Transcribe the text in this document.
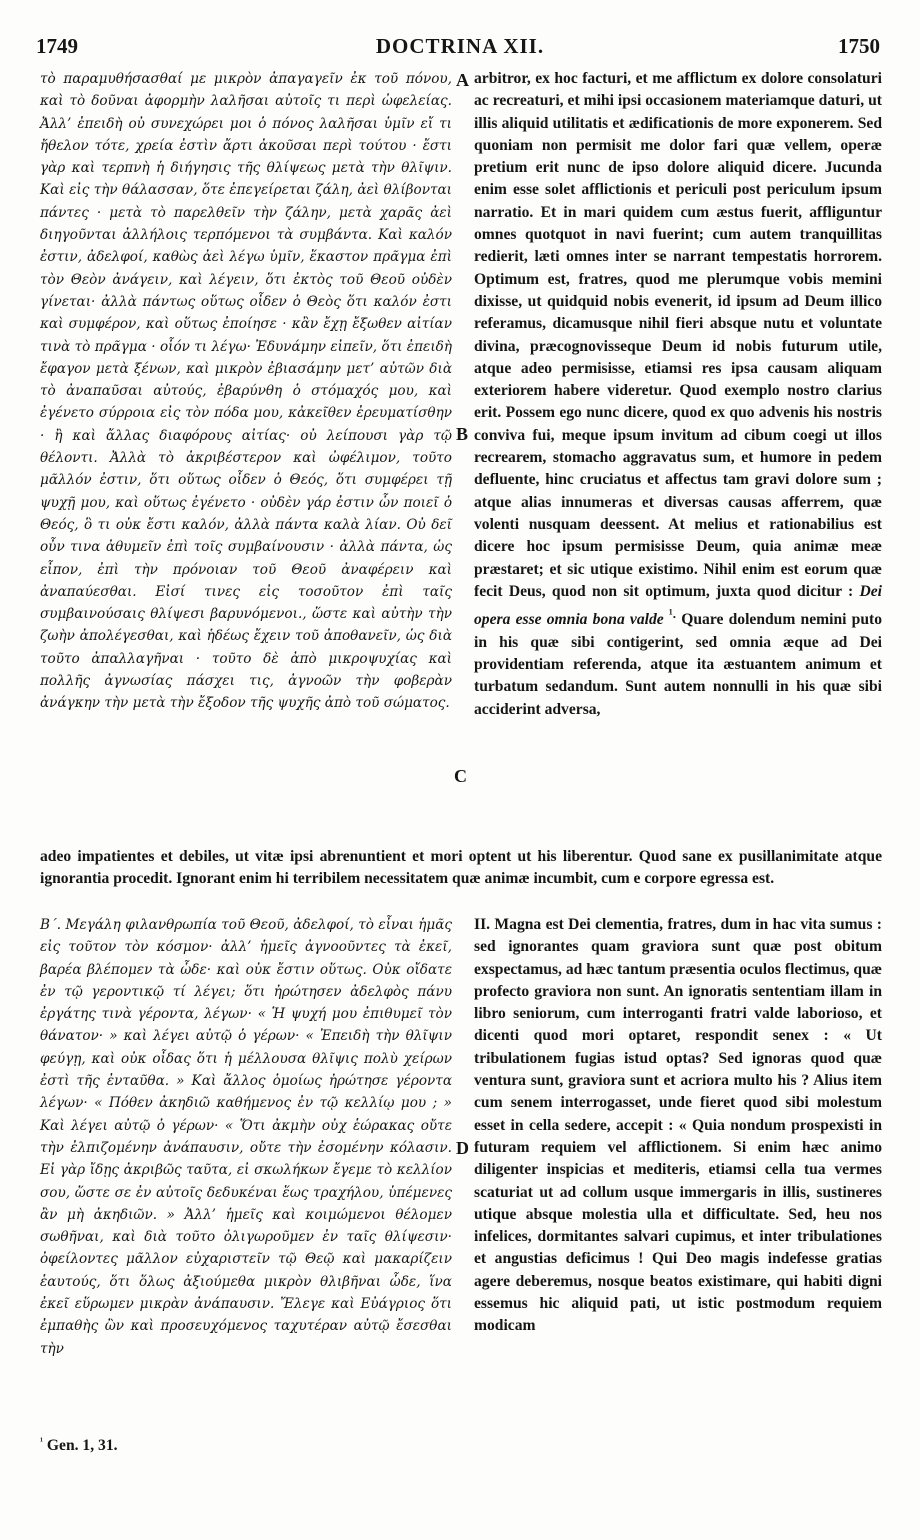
1749	DOCTRINA XII.	1750
τὸ παραμυθήσασθαί με μικρὸν ἀπαγαγεῖν ἐκ τοῦ πόνου, καὶ τὸ δοῦναι ἀφορμὴν λαλῆσαι αὐτοῖς τι περὶ ὠφελείας. Ἀλλ’ ἐπειδὴ οὐ συνεχώρει μοι ὁ πόνος λαλῆσαι ὑμῖν εἴ τι ἤθελον τότε, χρεία ἐστὶν ἄρτι ἀκοῦσαι περὶ τούτου · ἔστι γὰρ καὶ τερπνὴ ἡ διήγησις τῆς θλίψεως μετὰ τὴν θλῖψιν. Καὶ εἰς τὴν θάλασσαν, ὅτε ἐπεγείρεται ζάλη, ἀεὶ θλίβονται πάντες · μετὰ τὸ παρελθεῖν τὴν ζάλην, μετὰ χαρᾶς ἀεὶ διηγοῦνται ἀλλήλοις τερπόμενοι τὰ συμβάντα. Καὶ καλόν ἐστιν, ἀδελφοί, καθὼς ἀεὶ λέγω ὑμῖν, ἕκαστον πρᾶγμα ἐπὶ τὸν Θεὸν ἀνάγειν, καὶ λέγειν, ὅτι ἐκτὸς τοῦ Θεοῦ οὐδὲν γίνεται· ἀλλὰ πάντως οὕτως οἶδεν ὁ Θεὸς ὅτι καλόν ἐστι καὶ συμφέρον, καὶ οὕτως ἐποίησε · κἂν ἔχῃ ἔξωθεν αἰτίαν τινὰ τὸ πρᾶγμα · οἷόν τι λέγω· Ἐδυνάμην εἰπεῖν, ὅτι ἐπειδὴ ἔφαγον μετὰ ξένων, καὶ μικρὸν ἐβιασάμην μετ’ αὐτῶν διὰ τὸ ἀναπαῦσαι αὐτούς, ἐβαρύνθη ὁ στόμαχός μου, καὶ ἐγένετο σύρροια εἰς τὸν πόδα μου, κἀκεῖθεν ἐρευματίσθην · ἢ καὶ ἄλλας διαφόρους αἰτίας· οὐ λείπουσι γὰρ τῷ θέλοντι. Ἀλλὰ τὸ ἀκριβέστερον καὶ ὠφέλιμον, τοῦτο μᾶλλόν ἐστιν, ὅτι οὕτως οἶδεν ὁ Θεός, ὅτι συμφέρει τῇ ψυχῇ μου, καὶ οὕτως ἐγένετο · οὐδὲν γάρ ἐστιν ὧν ποιεῖ ὁ Θεός, ὃ τι οὐκ ἔστι καλόν, ἀλλὰ πάντα καλὰ λίαν. Οὐ δεῖ οὖν τινα ἀθυμεῖν ἐπὶ τοῖς συμβαίνουσιν · ἀλλὰ πάντα, ὡς εἶπον, ἐπὶ τὴν πρόνοιαν τοῦ Θεοῦ ἀναφέρειν καὶ ἀναπαύεσθαι. Εἰσί τινες εἰς τοσοῦτον ἐπὶ ταῖς συμβαινούσαις θλίψεσι βαρυνόμενοι., ὥστε καὶ αὐτὴν τὴν ζωὴν ἀπολέγεσθαι, καὶ ἡδέως ἔχειν τοῦ ἀποθανεῖν, ὡς διὰ τοῦτο ἀπαλλαγῆναι · τοῦτο δὲ ἀπὸ μικροψυχίας καὶ πολλῆς ἀγνωσίας πάσχει τις, ἀγνοῶν τὴν φοβερὰν ἀνάγκην τὴν μετὰ τὴν ἔξοδον τῆς ψυχῆς ἀπὸ τοῦ σώματος.
arbitror, ex hoc facturi, et me afflictum ex dolore consolaturi ac recreaturi, et mihi ipsi occasionem materiamque daturi, ut illis aliquid utilitatis et ædificationis de more exponerem. Sed quoniam non permisit me dolor fari quæ vellem, operæ pretium erit nunc de ipso dolore aliquid dicere. Jucunda enim esse solet afflictionis et periculi post periculum ipsum narratio. Et in mari quidem cum æstus fuerit, affliguntur omnes quotquot in navi fuerint; cum autem tranquillitas redierit, læti omnes inter se narrant tempestatis horrorem. Optimum est, fratres, quod me plerumque vobis memini dixisse, ut quidquid nobis evenerit, id ipsum ad Deum illico referamus, dicamusque nihil fieri absque nutu et voluntate divina, præcognovisseque Deum id nobis futurum utile, atque adeo permisisse, etiamsi res ipsa causam aliquam exteriorem habere videretur. Quod exemplo nostro clarius erit. Possem ego nunc dicere, quod ex quo advenis his nostris conviva fui, meque ipsum invitum ad cibum coegi ut illos recrearem, stomacho aggravatus sum, et humore in pedem defluente, hinc cruciatus et affectus tam gravi dolore sum ; atque alias innumeras et diversas causas afferrem, quæ volenti nusquam deessent. At melius et rationabilius est dicere hoc ipsum permisisse Deum, quia animæ meæ præstaret; et sic utique existimo. Nihil enim est eorum quæ fecit Deus, quod non sit optimum, juxta quod dicitur : Dei opera esse omnia bona valde $^{^1.}$ Quare dolendum nemini puto in his quæ sibi contigerint, sed omnia æque ad Dei providentiam referenda, atque ita æstuantem animum et turbatum sedandum. Sunt autem nonnulli in his quæ sibi acciderint adversa,
adeo impatientes et debiles, ut vitæ ipsi abrenuntient et mori optent ut his liberentur. Quod sane ex pusillanimitate atque ignorantia procedit. Ignorant enim hi terribilem necessitatem quæ animæ incumbit, cum e corpore egressa est.
Β΄. Μεγάλη φιλανθρωπία τοῦ Θεοῦ, ἀδελφοί, τὸ εἶναι ἡμᾶς εἰς τοῦτον τὸν κόσμον· ἀλλ’ ἡμεῖς ἀγνοοῦντες τὰ ἐκεῖ, βαρέα βλέπομεν τὰ ὧδε· καὶ οὐκ ἔστιν οὕτως. Οὐκ οἴδατε ἐν τῷ γεροντικῷ τί λέγει; ὅτι ἠρώτησεν ἀδελφὸς πάνυ ἐργάτης τινὰ γέροντα, λέγων· « Ἡ ψυχή μου ἐπιθυμεῖ τὸν θάνατον· » καὶ λέγει αὐτῷ ὁ γέρων· « Ἐπειδὴ τὴν θλῖψιν φεύγῃ, καὶ οὐκ οἶδας ὅτι ἡ μέλλουσα θλῖψις πολὺ χείρων ἐστὶ τῆς ἐνταῦθα. » Καὶ ἄλλος ὁμοίως ἠρώτησε γέροντα λέγων· « Πόθεν ἀκηδιῶ καθήμενος ἐν τῷ κελλίῳ μου ; » Καὶ λέγει αὐτῷ ὁ γέρων· « Ὅτι ἀκμὴν οὐχ ἑώρακας οὔτε τὴν ἐλπιζομένην ἀνάπαυσιν, οὔτε τὴν ἐσομένην κόλασιν. Εἰ γὰρ ἴδῃς ἀκριβῶς ταῦτα, εἰ σκωλήκων ἔγεμε τὸ κελλίον σου, ὥστε σε ἐν αὐτοῖς δεδυκέναι ἕως τραχήλου, ὑπέμενες ἂν μὴ ἀκηδιῶν. » Ἀλλ’ ἡμεῖς καὶ κοιμώμενοι θέλομεν σωθῆναι, καὶ διὰ τοῦτο ὀλιγωροῦμεν ἐν ταῖς θλίψεσιν· ὀφείλοντες μᾶλλον εὐχαριστεῖν τῷ Θεῷ καὶ μακαρίζειν ἑαυτούς, ὅτι ὅλως ἀξιούμεθα μικρὸν θλιβῆναι ὧδε, ἵνα ἐκεῖ εὕρωμεν μικρὰν ἀνάπαυσιν. Ἔλεγε καὶ Εὐάγριος ὅτι ἐμπαθὴς ὢν καὶ προσευχόμενος ταχυτέραν αὐτῷ ἔσεσθαι τὴν
II. Magna est Dei clementia, fratres, dum in hac vita sumus : sed ignorantes quam graviora sunt quæ post obitum exspectamus, ad hæc tantum præsentia oculos flectimus, quæ profecto graviora non sunt. An ignoratis sententiam illam in libro seniorum, cum interroganti fratri valde laborioso, et dicenti quod mori optaret, respondit senex : « Ut tribulationem fugias istud optas? Sed ignoras quod quæ ventura sunt, graviora sunt et acriora multo his ? Alius item cum senem interrogasset, unde fieret quod sibi molestum esset in cella sedere, accepit : « Quia nondum prospexisti in futuram requiem vel afflictionem. Si enim hæc animo diligenter inspicias et mediteris, etiamsi cella tua vermes scaturiat ut ad collum usque immergaris in illis, sustineres utique absque molestia ulla et difficultate. Sed, heu nos infelices, dormitantes salvari cupimus, et inter tribulationes et angustias deficimus ! Qui Deo magis indefesse gratias agere deberemus, nosque beatos existimare, qui habiti digni essemus hic aliquid pati, ut istic postmodum requiem modicam
A
B
C
D
$^{^1}$ Gen. 1, 31.
